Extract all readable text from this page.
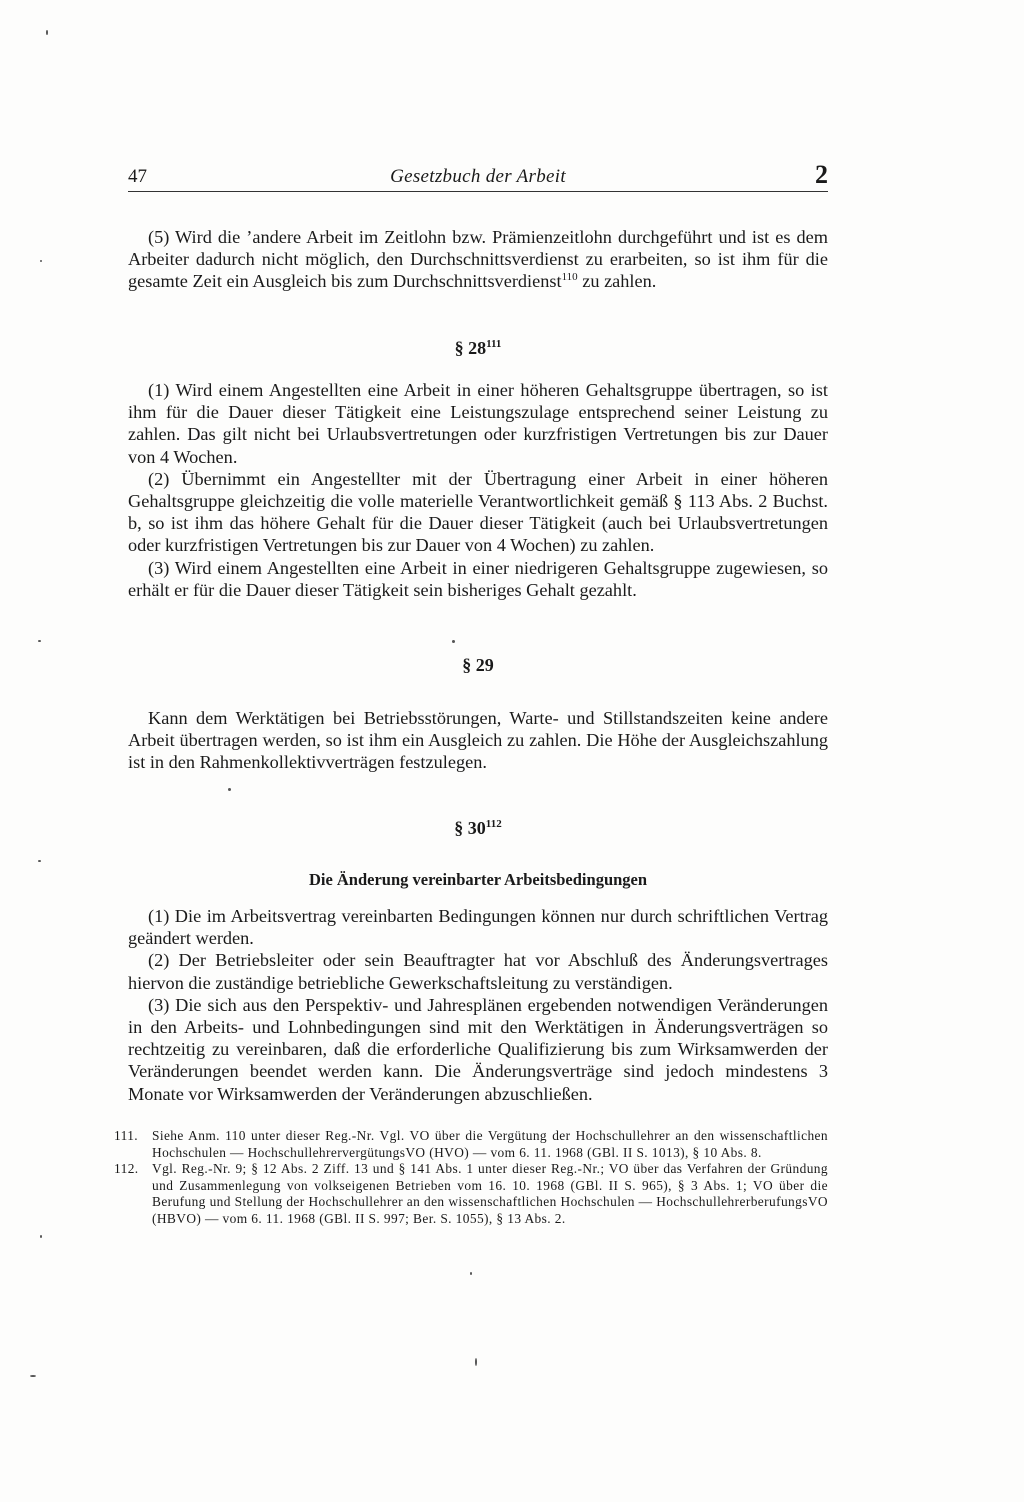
47	Gesetzbuch der Arbeit	2

(5) Wird die ’andere Arbeit im Zeitlohn bzw. Prämienzeitlohn durchgeführt und ist es dem Arbeiter dadurch nicht möglich, den Durchschnittsverdienst zu erarbeiten, so ist ihm für die gesamte Zeit ein Ausgleich bis zum Durchschnittsverdienst$^{110}$ zu zahlen.

§ $28^{111}$

(1) Wird einem Angestellten eine Arbeit in einer höheren Gehaltsgruppe übertragen, so ist ihm für die Dauer dieser Tätigkeit eine Leistungszulage entsprechend seiner Leistung zu zahlen. Das gilt nicht bei Urlaubsvertretungen oder kurzfristigen Vertretungen bis zur Dauer von 4 Wochen.

(2) Übernimmt ein Angestellter mit der Übertragung einer Arbeit in einer höheren Gehaltsgruppe gleichzeitig die volle materielle Verantwortlichkeit gemäß § 113 Abs. 2 Buchst. b, so ist ihm das höhere Gehalt für die Dauer dieser Tätigkeit (auch bei Urlaubsvertretungen oder kurzfristigen Vertretungen bis zur Dauer von 4 Wochen) zu zahlen.

(3) Wird einem Angestellten eine Arbeit in einer niedrigeren Gehaltsgruppe zugewiesen, so erhält er für die Dauer dieser Tätigkeit sein bisheriges Gehalt gezahlt.

§ 29

Kann dem Werktätigen bei Betriebsstörungen, Warte- und Stillstandszeiten keine andere Arbeit übertragen werden, so ist ihm ein Ausgleich zu zahlen. Die Höhe der Ausgleichszahlung ist in den Rahmenkollektivverträgen festzulegen.

§ $30^{112}$
Die Änderung vereinbarter Arbeitsbedingungen

(1) Die im Arbeitsvertrag vereinbarten Bedingungen können nur durch schriftlichen Vertrag geändert werden.

(2) Der Betriebsleiter oder sein Beauftragter hat vor Abschluß des Änderungsvertrages hiervon die zuständige betriebliche Gewerkschaftsleitung zu verständigen.

(3) Die sich aus den Perspektiv- und Jahresplänen ergebenden notwendigen Veränderungen in den Arbeits- und Lohnbedingungen sind mit den Werktätigen in Änderungsverträgen so rechtzeitig zu vereinbaren, daß die erforderliche Qualifizierung bis zum Wirksamwerden der Veränderungen beendet werden kann. Die Änderungsverträge sind jedoch mindestens 3 Monate vor Wirksamwerden der Veränderungen abzuschließen.

111.	Siehe Anm. 110 unter dieser Reg.-Nr. Vgl. VO über die Vergütung der Hochschullehrer an den wissenschaftlichen Hochschulen — HochschullehrervergütungsVO (HVO) — vom 6. 11. 1968 (GBl. II S. 1013), § 10 Abs. 8.
112.	Vgl. Reg.-Nr. 9; § 12 Abs. 2 Ziff. 13 und § 141 Abs. 1 unter dieser Reg.-Nr.; VO über das Verfahren der Gründung und Zusammenlegung von volkseigenen Betrieben vom 16. 10. 1968 (GBl. II S. 965), § 3 Abs. 1; VO über die Berufung und Stellung der Hochschullehrer an den wissenschaftlichen Hochschulen — HochschullehrerberufungsVO (HBVO) — vom 6. 11. 1968 (GBl. II S. 997; Ber. S. 1055), § 13 Abs. 2.
